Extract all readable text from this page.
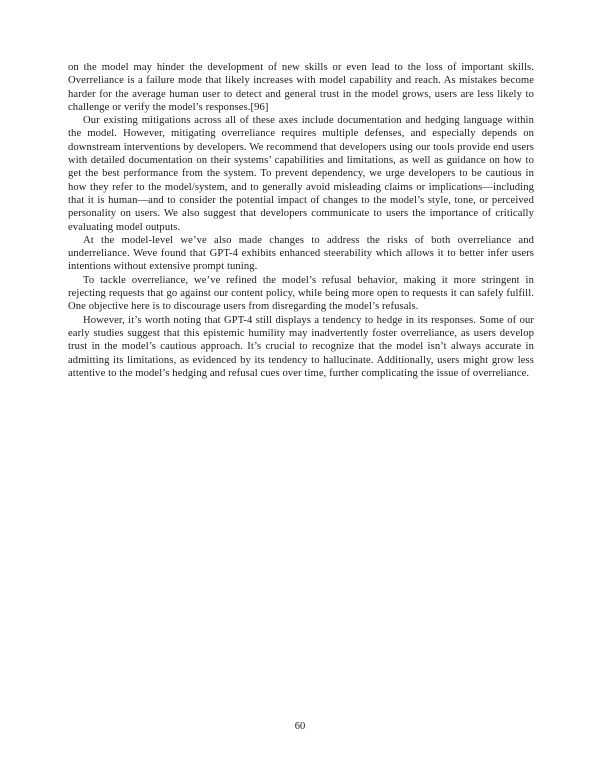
on the model may hinder the development of new skills or even lead to the loss of important skills. Overreliance is a failure mode that likely increases with model capability and reach. As mistakes become harder for the average human user to detect and general trust in the model grows, users are less likely to challenge or verify the model’s responses.[96]

Our existing mitigations across all of these axes include documentation and hedging language within the model. However, mitigating overreliance requires multiple defenses, and especially depends on downstream interventions by developers. We recommend that developers using our tools provide end users with detailed documentation on their systems’ capabilities and limitations, as well as guidance on how to get the best performance from the system. To prevent dependency, we urge developers to be cautious in how they refer to the model/system, and to generally avoid misleading claims or implications—including that it is human—and to consider the potential impact of changes to the model’s style, tone, or perceived personality on users. We also suggest that developers communicate to users the importance of critically evaluating model outputs.

At the model-level we’ve also made changes to address the risks of both overreliance and underreliance. Weve found that GPT-4 exhibits enhanced steerability which allows it to better infer users intentions without extensive prompt tuning.

To tackle overreliance, we’ve refined the model’s refusal behavior, making it more stringent in rejecting requests that go against our content policy, while being more open to requests it can safely fulfill. One objective here is to discourage users from disregarding the model’s refusals.

However, it’s worth noting that GPT-4 still displays a tendency to hedge in its responses. Some of our early studies suggest that this epistemic humility may inadvertently foster overreliance, as users develop trust in the model’s cautious approach. It’s crucial to recognize that the model isn’t always accurate in admitting its limitations, as evidenced by its tendency to hallucinate. Additionally, users might grow less attentive to the model’s hedging and refusal cues over time, further complicating the issue of overreliance.

60
